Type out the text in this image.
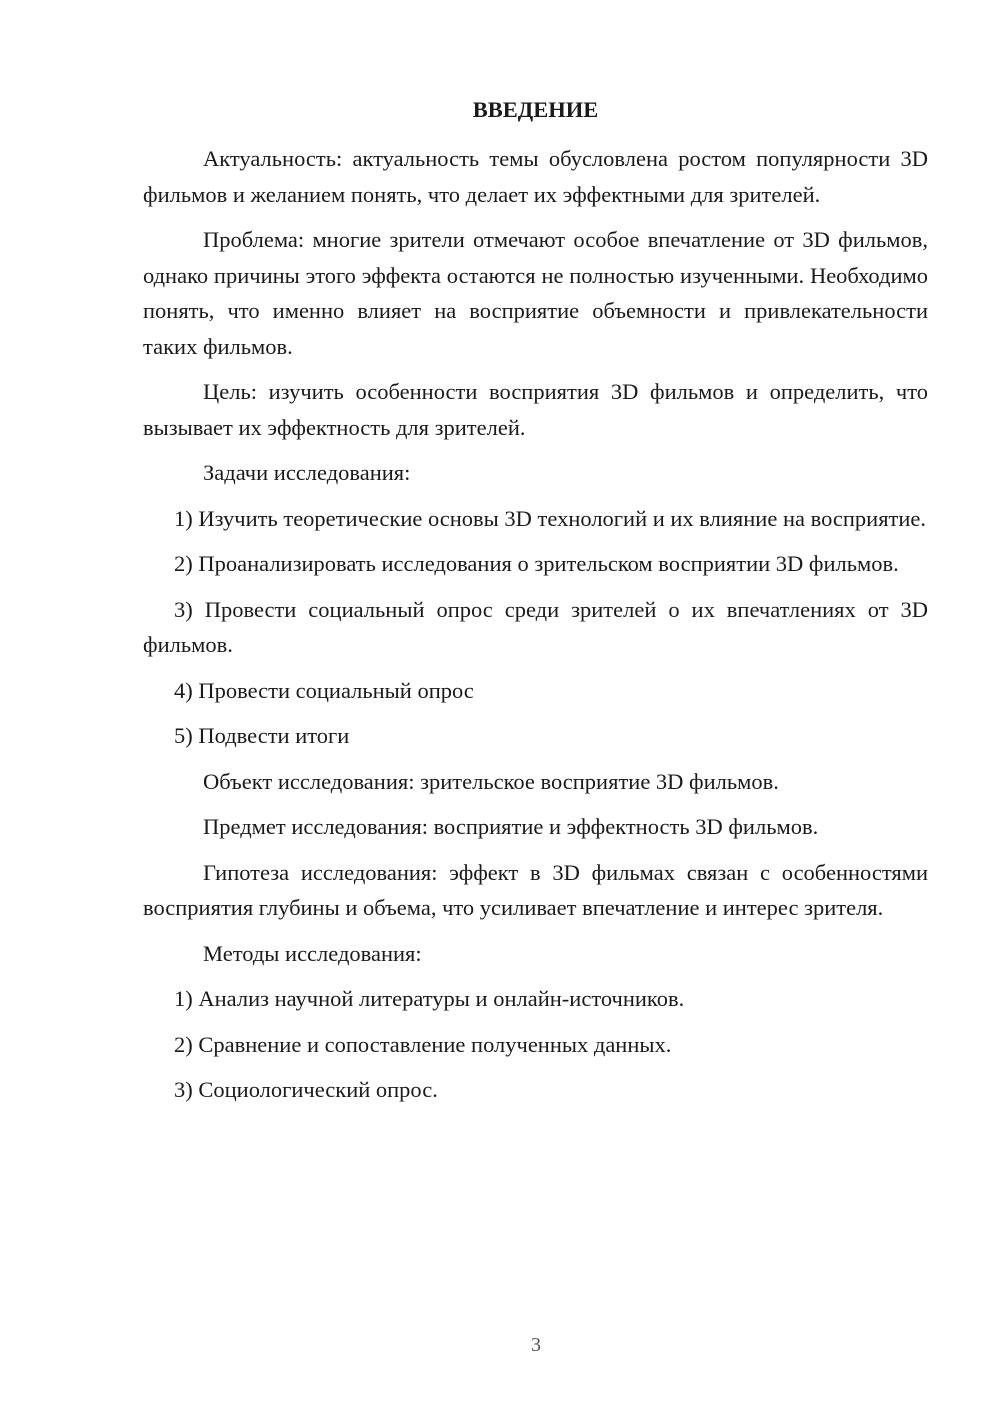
ВВЕДЕНИЕ

Актуальность: актуальность темы обусловлена ростом популярности 3D фильмов и желанием понять, что делает их эффектными для зрителей.

Проблема: многие зрители отмечают особое впечатление от 3D фильмов, однако причины этого эффекта остаются не полностью изученными. Необходимо понять, что именно влияет на восприятие объемности и привлекательности таких фильмов.

Цель: изучить особенности восприятия 3D фильмов и определить, что вызывает их эффектность для зрителей.

Задачи исследования:

1) Изучить теоретические основы 3D технологий и их влияние на восприятие.

2) Проанализировать исследования о зрительском восприятии 3D фильмов.

3) Провести социальный опрос среди зрителей о их впечатлениях от 3D фильмов.

4) Провести социальный опрос

5) Подвести итоги

Объект исследования: зрительское восприятие 3D фильмов.

Предмет исследования: восприятие и эффектность 3D фильмов.

Гипотеза исследования: эффект в 3D фильмах связан с особенностями восприятия глубины и объема, что усиливает впечатление и интерес зрителя.

Методы исследования:

1) Анализ научной литературы и онлайн-источников.

2) Сравнение и сопоставление полученных данных.

3) Социологический опрос.

3
